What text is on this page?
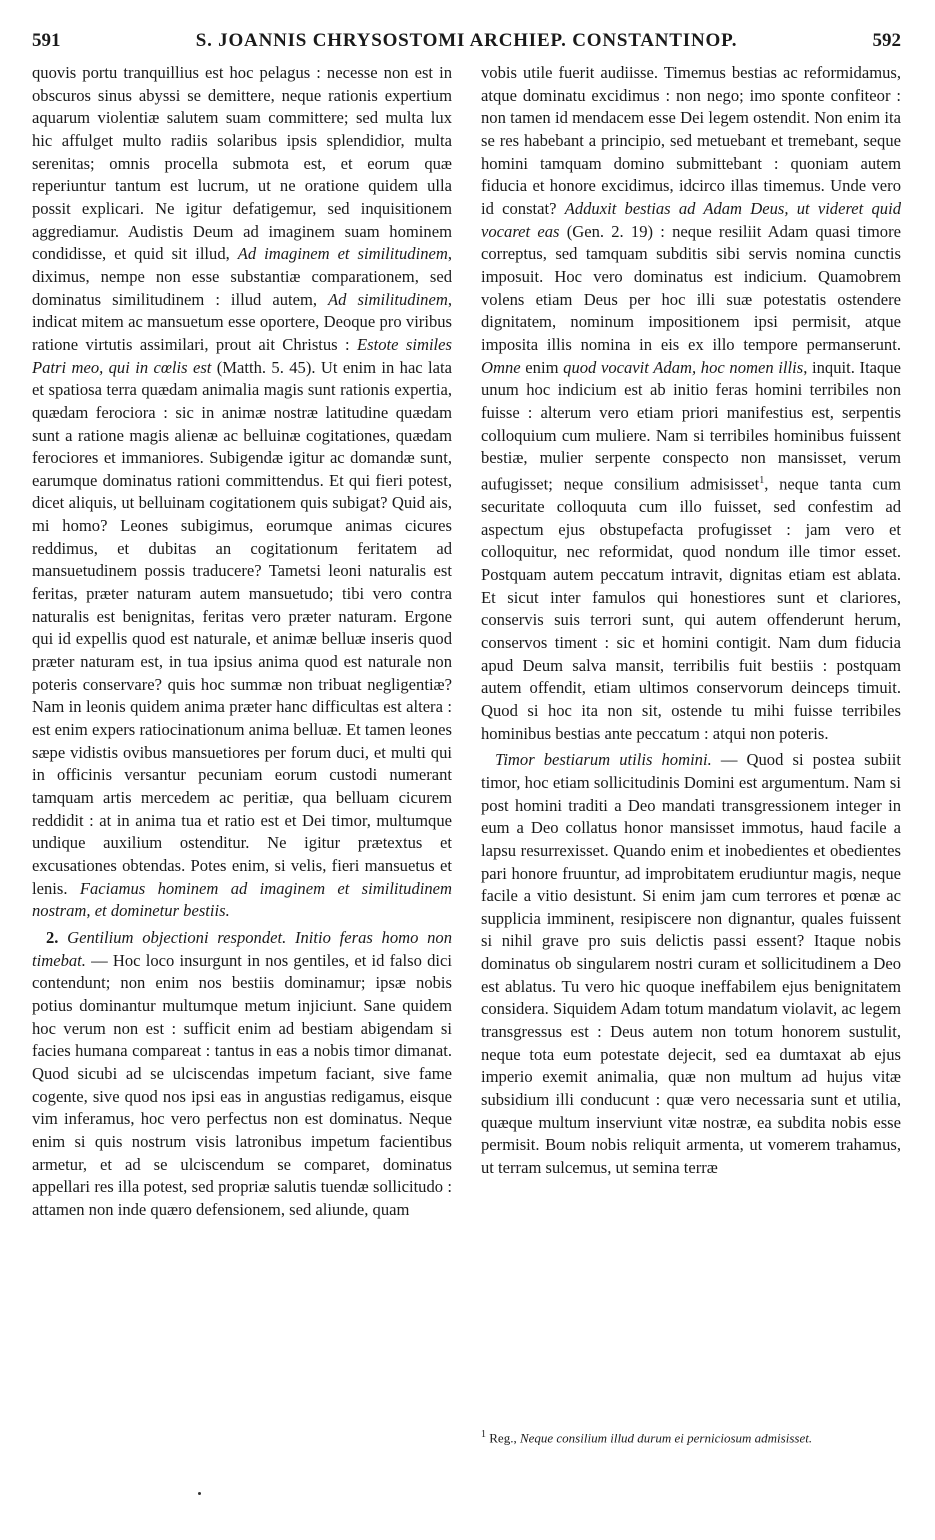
591	S. JOANNIS CHRYSOSTOMI ARCHIEP. CONSTANTINOP.	592

quovis portu tranquillius est hoc pelagus : necesse non est in obscuros sinus abyssi se demittere, neque rationis expertium aquarum violentiæ salutem suam committere; sed multa lux hic affulget multo radiis solaribus ipsis splendidior, multa serenitas; omnis procella submota est, et eorum quæ reperiuntur tantum est lucrum, ut ne oratione quidem ulla possit explicari. Ne igitur defatigemur, sed inquisitionem aggrediamur. Audistis Deum ad imaginem suam hominem condidisse, et quid sit illud, Ad imaginem et similitudinem, diximus, nempe non esse substantiæ comparationem, sed dominatus similitudinem : illud autem, Ad similitudinem, indicat mitem ac mansuetum esse oportere, Deoque pro viribus ratione virtutis assimilari, prout ait Christus : Estote similes Patri meo, qui in cœlis est (Matth. 5. 45). Ut enim in hac lata et spatiosa terra quædam animalia magis sunt rationis expertia, quædam ferociora : sic in animæ nostræ latitudine quædam sunt a ratione magis alienæ ac belluinæ cogitationes, quædam ferociores et immaniores. Subigendæ igitur ac domandæ sunt, earumque dominatus rationi committendus. Et qui fieri potest, dicet aliquis, ut belluinam cogitationem quis subigat? Quid ais, mi homo? Leones subigimus, eorumque animas cicures reddimus, et dubitas an cogitationum feritatem ad mansuetudinem possis traducere? Tametsi leoni naturalis est feritas, præter naturam autem mansuetudo; tibi vero contra naturalis est benignitas, feritas vero præter naturam. Ergone qui id expellis quod est naturale, et animæ belluæ inseris quod præter naturam est, in tua ipsius anima quod est naturale non poteris conservare? quis hoc summæ non tribuat negligentiæ? Nam in leonis quidem anima præter hanc difficultas est altera : est enim expers ratiocinationum anima belluæ. Et tamen leones sæpe vidistis ovibus mansuetiores per forum duci, et multi qui in officinis versantur pecuniam eorum custodi numerant tamquam artis mercedem ac peritiæ, qua belluam cicurem reddidit : at in anima tua et ratio est et Dei timor, multumque undique auxilium ostenditur. Ne igitur prætextus et excusationes obtendas. Potes enim, si velis, fieri mansuetus et lenis. Faciamus hominem ad imaginem et similitudinem nostram, et dominetur bestiis.

2. Gentilium objectioni respondet. Initio feras homo non timebat. — Hoc loco insurgunt in nos gentiles, et id falso dici contendunt; non enim nos bestiis dominamur; ipsæ nobis potius dominantur multumque metum injiciunt. Sane quidem hoc verum non est : sufficit enim ad bestiam abigendam si facies humana compareat : tantus in eas a nobis timor dimanat. Quod sicubi ad se ulciscendas impetum faciant, sive fame cogente, sive quod nos ipsi eas in angustias redigamus, eisque vim inferamus, hoc vero perfectus non est dominatus. Neque enim si quis nostrum visis latronibus impetum facientibus armetur, et ad se ulciscendum se comparet, dominatus appellari res illa potest, sed propriæ salutis tuendæ sollicitudo : attamen non inde quæro defensionem, sed aliunde, quam

vobis utile fuerit audiisse. Timemus bestias ac reformidamus, atque dominatu excidimus : non nego; imo sponte confiteor : non tamen id mendacem esse Dei legem ostendit. Non enim ita se res habebant a principio, sed metuebant et tremebant, seque homini tamquam domino submittebant : quoniam autem fiducia et honore excidimus, idcirco illas timemus. Unde vero id constat? Adduxit bestias ad Adam Deus, ut videret quid vocaret eas (Gen. 2. 19) : neque resiliit Adam quasi timore correptus, sed tamquam subditis sibi servis nomina cunctis imposuit. Hoc vero dominatus est indicium. Quamobrem volens etiam Deus per hoc illi suæ potestatis ostendere dignitatem, nominum impositionem ipsi permisit, atque imposita illis nomina in eis ex illo tempore permanserunt. Omne enim quod vocavit Adam, hoc nomen illis, inquit. Itaque unum hoc indicium est ab initio feras homini terribiles non fuisse : alterum vero etiam priori manifestius est, serpentis colloquium cum muliere. Nam si terribiles hominibus fuissent bestiæ, mulier serpente conspecto non mansisset, verum aufugisset; neque consilium admisisset$^1$, neque tanta cum securitate colloquuta cum illo fuisset, sed confestim ad aspectum ejus obstupefacta profugisset : jam vero et colloquitur, nec reformidat, quod nondum ille timor esset. Postquam autem peccatum intravit, dignitas etiam est ablata. Et sicut inter famulos qui honestiores sunt et clariores, conservis suis terrori sunt, qui autem offenderunt herum, conservos timent : sic et homini contigit. Nam dum fiducia apud Deum salva mansit, terribilis fuit bestiis : postquam autem offendit, etiam ultimos conservorum deinceps timuit. Quod si hoc ita non sit, ostende tu mihi fuisse terribiles hominibus bestias ante peccatum : atqui non poteris.

Timor bestiarum utilis homini. — Quod si postea subiit timor, hoc etiam sollicitudinis Domini est argumentum. Nam si post homini traditi a Deo mandati transgressionem integer in eum a Deo collatus honor mansisset immotus, haud facile a lapsu resurrexisset. Quando enim et inobedientes et obedientes pari honore fruuntur, ad improbitatem erudiuntur magis, neque facile a vitio desistunt. Si enim jam cum terrores et pœnæ ac supplicia imminent, resipiscere non dignantur, quales fuissent si nihil grave pro suis delictis passi essent? Itaque nobis dominatus ob singularem nostri curam et sollicitudinem a Deo est ablatus. Tu vero hic quoque ineffabilem ejus benignitatem considera. Siquidem Adam totum mandatum violavit, ac legem transgressus est : Deus autem non totum honorem sustulit, neque tota eum potestate dejecit, sed ea dumtaxat ab ejus imperio exemit animalia, quæ non multum ad hujus vitæ subsidium illi conducunt : quæ vero necessaria sunt et utilia, quæque multum inserviunt vitæ nostræ, ea subdita nobis esse permisit. Boum nobis reliquit armenta, ut vomerem trahamus, ut terram sulcemus, ut semina terræ

$^1$ Reg., Neque consilium illud durum ei perniciosum admisisset.
